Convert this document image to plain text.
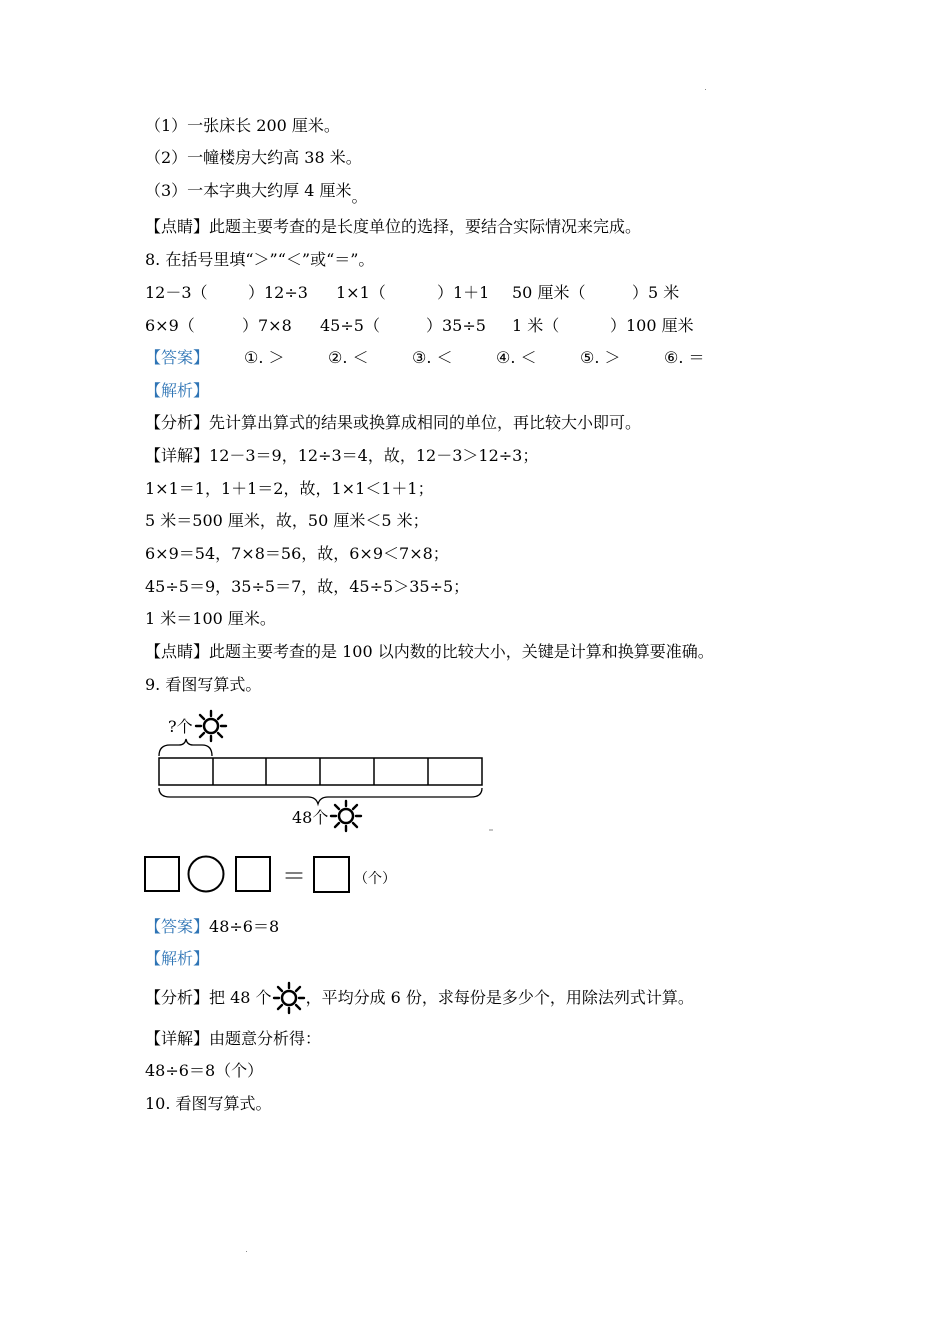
（1）一张床长 200 厘米。
（2）一幢楼房大约高 38 米。
（3）一本字典大约厚 4 厘米。
【点睛】此题主要考查的是长度单位的选择，要结合实际情况来完成。
8. 在括号里填“＞”“＜”或“＝”。
12－3（	）12÷3 1×1（	）1＋1 50 厘米（	）5 米
6×9（	）7×8 45÷5（	）35÷5 1 米（	）100 厘米
【答案】 ①. ＞	②. ＜	③. ＜	④. ＜	⑤. ＞	⑥. ＝
【解析】
【分析】先计算出算式的结果或换算成相同的单位，再比较大小即可。
【详解】12－3＝9，12÷3＝4，故，12－3＞12÷3；
1×1＝1，1＋1＝2，故，1×1＜1＋1；
5 米＝500 厘米，故，50 厘米＜5 米；
6×9＝54，7×8＝56，故，6×9＜7×8；
45÷5＝9，35÷5＝7，故，45÷5＞35÷5；
1 米＝100 厘米。
【点睛】此题主要考查的是 100 以内数的比较大小，关键是计算和换算要准确。
9. 看图写算式。
?个
48个
＝	（个）
【答案】48÷6＝8
【解析】
【分析】把 48 个 ，平均分成 6 份，求每份是多少个，用除法列式计算。
【详解】由题意分析得：
48÷6＝8（个）
10. 看图写算式。
